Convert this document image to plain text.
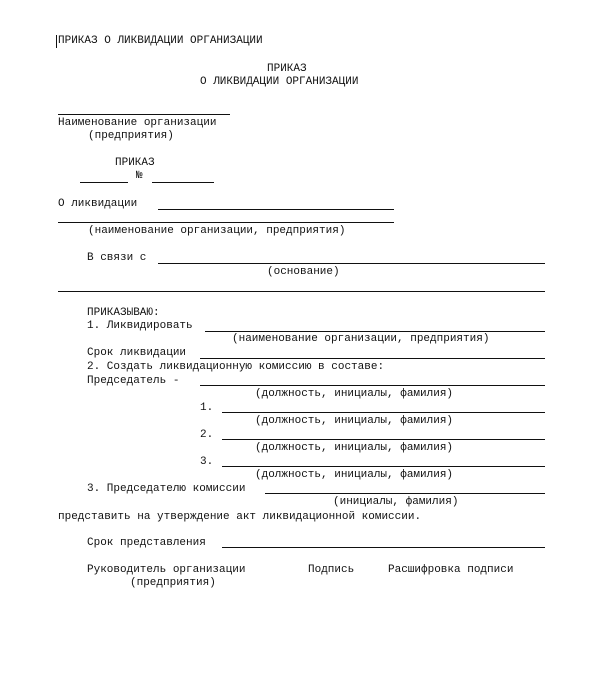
ПРИКАЗ О ЛИКВИДАЦИИ ОРГАНИЗАЦИИ
ПРИКАЗ
О ЛИКВИДАЦИИ ОРГАНИЗАЦИИ
Наименование организации
(предприятия)
ПРИКАЗ
№
О ликвидации
(наименование организации, предприятия)
В связи с
(основание)
ПРИКАЗЫВАЮ:
1. Ликвидировать
(наименование организации, предприятия)
Срок ликвидации
2. Создать ликвидационную комиссию в составе:
Председатель -
(должность, инициалы, фамилия)
1.
(должность, инициалы, фамилия)
2.
(должность, инициалы, фамилия)
3.
(должность, инициалы, фамилия)
3. Председателю комиссии
(инициалы, фамилия)
представить на утверждение акт ликвидационной комиссии.
Срок представления
Руководитель организации
(предприятия)
Подпись	Расшифровка подписи
